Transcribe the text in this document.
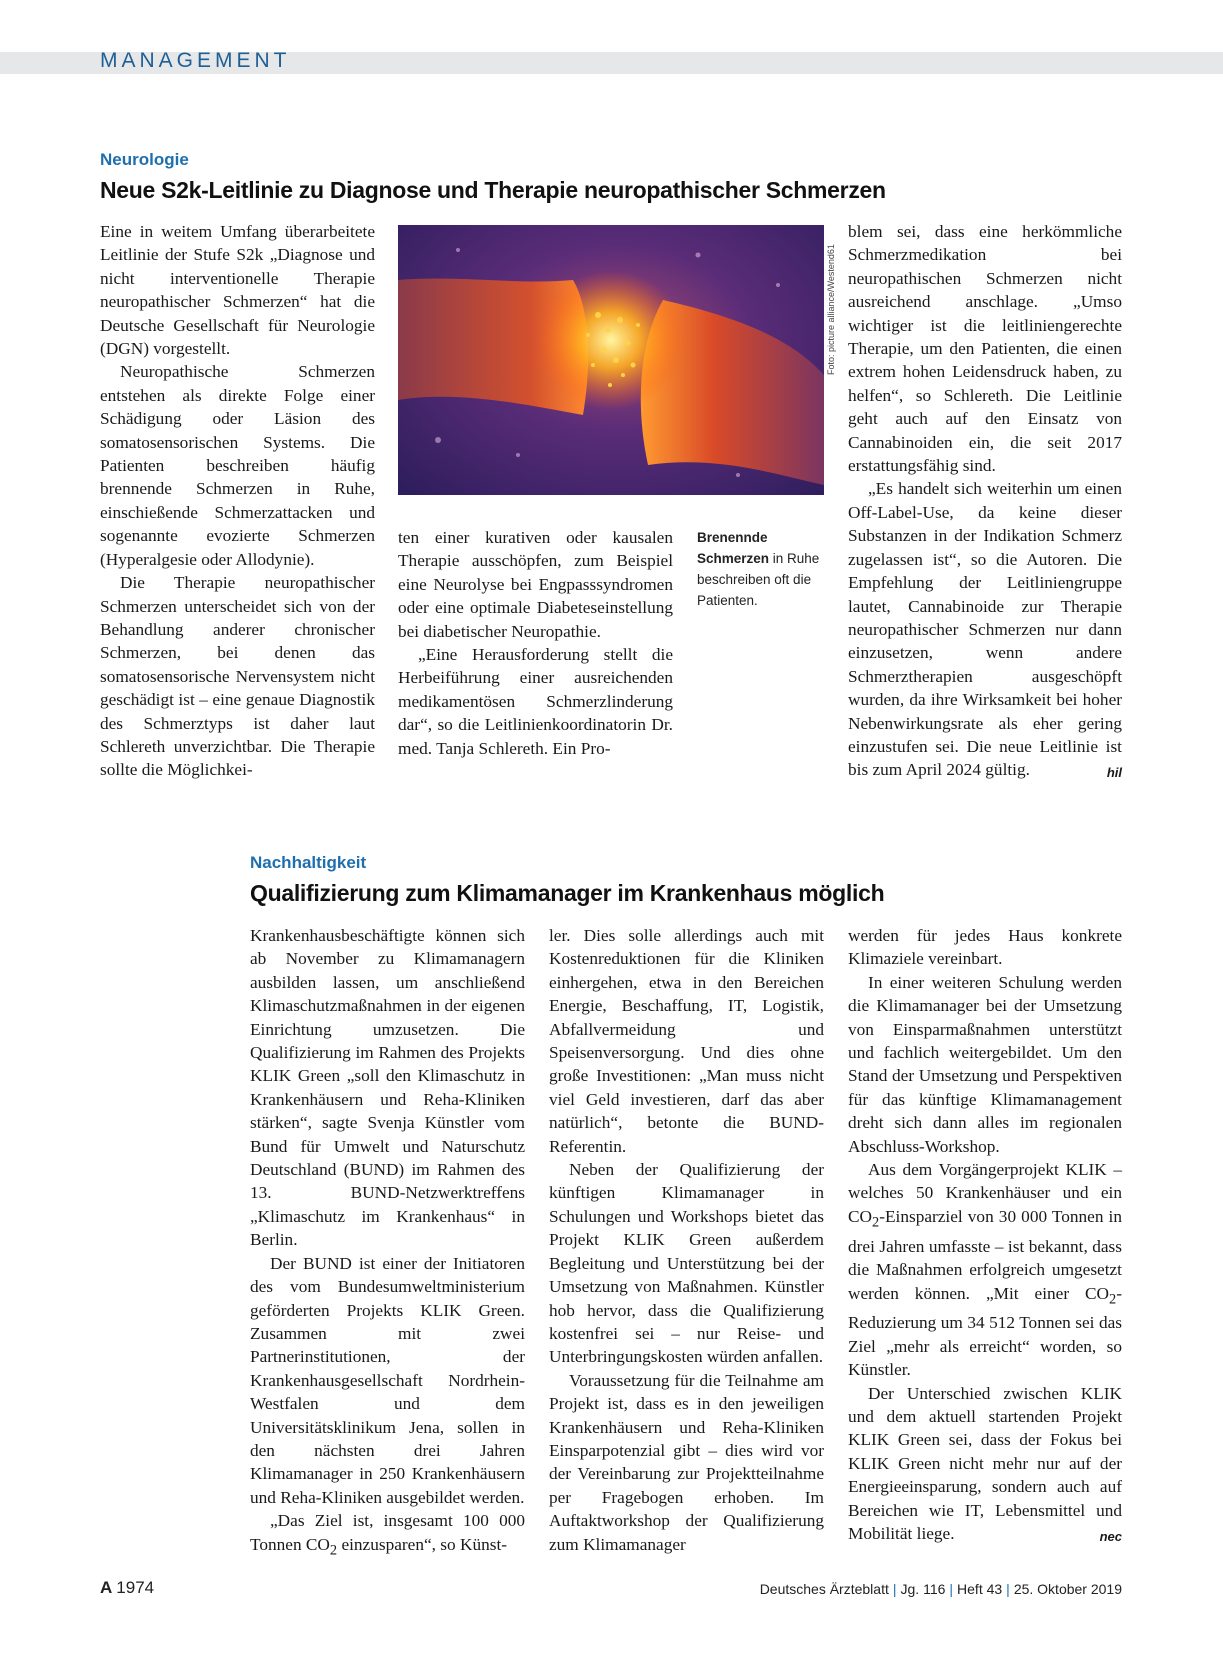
MANAGEMENT
Neurologie
Neue S2k-Leitlinie zu Diagnose und Therapie neuropathischer Schmerzen

Eine in weitem Umfang überarbeitete Leitlinie der Stufe S2k „Diagnose und nicht interventionelle Therapie neuropathischer Schmerzen“ hat die Deutsche Gesellschaft für Neurologie (DGN) vorgestellt.

Neuropathische Schmerzen entstehen als direkte Folge einer Schädigung oder Läsion des somatosensorischen Systems. Die Patienten beschreiben häufig brennende Schmerzen in Ruhe, einschießende Schmerzattacken und sogenannte evozierte Schmerzen (Hyperalgesie oder Allodynie).

Die Therapie neuropathischer Schmerzen unterscheidet sich von der Behandlung anderer chronischer Schmerzen, bei denen das somatosensorische Nervensystem nicht geschädigt ist – eine genaue Diagnostik des Schmerztyps ist daher laut Schlereth unverzichtbar. Die Therapie sollte die Möglichkei-

Foto: picture alliance/Westend61

ten einer kurativen oder kausalen Therapie ausschöpfen, zum Beispiel eine Neurolyse bei Engpasssyndromen oder eine optimale Diabeteseinstellung bei diabetischer Neuropathie.

„Eine Herausforderung stellt die Herbeiführung einer ausreichenden medikamentösen Schmerzlinderung dar“, so die Leitlinienkoordinatorin Dr. med. Tanja Schlereth. Ein Pro-

Brenennde Schmerzen in Ruhe beschreiben oft die Patienten.

blem sei, dass eine herkömmliche Schmerzmedikation bei neuropathischen Schmerzen nicht ausreichend anschlage. „Umso wichtiger ist die leitliniengerechte Therapie, um den Patienten, die einen extrem hohen Leidensdruck haben, zu helfen“, so Schlereth. Die Leitlinie geht auch auf den Einsatz von Cannabinoiden ein, die seit 2017 erstattungsfähig sind.

„Es handelt sich weiterhin um einen Off-Label-Use, da keine dieser Substanzen in der Indikation Schmerz zugelassen ist“, so die Autoren. Die Empfehlung der Leitliniengruppe lautet, Cannabinoide zur Therapie neuropathischer Schmerzen nur dann einzusetzen, wenn andere Schmerztherapien ausgeschöpft wurden, da ihre Wirksamkeit bei hoher Nebenwirkungsrate als eher gering einzustufen sei. Die neue Leitlinie ist bis zum April 2024 gültig.	hil

Nachhaltigkeit
Qualifizierung zum Klimamanager im Krankenhaus möglich

Krankenhausbeschäftigte können sich ab November zu Klimamanagern ausbilden lassen, um anschließend Klimaschutzmaßnahmen in der eigenen Einrichtung umzusetzen. Die Qualifizierung im Rahmen des Projekts KLIK Green „soll den Klimaschutz in Krankenhäusern und Reha-Kliniken stärken“, sagte Svenja Künstler vom Bund für Umwelt und Naturschutz Deutschland (BUND) im Rahmen des 13. BUND-Netzwerktreffens „Klimaschutz im Krankenhaus“ in Berlin.

Der BUND ist einer der Initiatoren des vom Bundesumweltministerium geförderten Projekts KLIK Green. Zusammen mit zwei Partnerinstitutionen, der Krankenhausgesellschaft Nordrhein-Westfalen und dem Universitätsklinikum Jena, sollen in den nächsten drei Jahren Klimamanager in 250 Krankenhäusern und Reha-Kliniken ausgebildet werden.

„Das Ziel ist, insgesamt 100 000 Tonnen $CO_2$ einzusparen“, so Künst-

ler. Dies solle allerdings auch mit Kostenreduktionen für die Kliniken einhergehen, etwa in den Bereichen Energie, Beschaffung, IT, Logistik, Abfallvermeidung und Speisenversorgung. Und dies ohne große Investitionen: „Man muss nicht viel Geld investieren, darf das aber natürlich“, betonte die BUND-Referentin.

Neben der Qualifizierung der künftigen Klimamanager in Schulungen und Workshops bietet das Projekt KLIK Green außerdem Begleitung und Unterstützung bei der Umsetzung von Maßnahmen. Künstler hob hervor, dass die Qualifizierung kostenfrei sei – nur Reise- und Unterbringungskosten würden anfallen.

Voraussetzung für die Teilnahme am Projekt ist, dass es in den jeweiligen Krankenhäusern und Reha-Kliniken Einsparpotenzial gibt – dies wird vor der Vereinbarung zur Projektteilnahme per Fragebogen erhoben. Im Auftaktworkshop der Qualifizierung zum Klimamanager

werden für jedes Haus konkrete Klimaziele vereinbart.

In einer weiteren Schulung werden die Klimamanager bei der Umsetzung von Einsparmaßnahmen unterstützt und fachlich weitergebildet. Um den Stand der Umsetzung und Perspektiven für das künftige Klimamanagement dreht sich dann alles im regionalen Abschluss-Workshop.

Aus dem Vorgängerprojekt KLIK – welches 50 Krankenhäuser und ein $CO_2$-Einsparziel von 30 000 Tonnen in drei Jahren umfasste – ist bekannt, dass die Maßnahmen erfolgreich umgesetzt werden können. „Mit einer $CO_2$-Reduzierung um 34 512 Tonnen sei das Ziel „mehr als erreicht“ worden, so Künstler.

Der Unterschied zwischen KLIK und dem aktuell startenden Projekt KLIK Green sei, dass der Fokus bei KLIK Green nicht mehr nur auf der Energieeinsparung, sondern auch auf Bereichen wie IT, Lebensmittel und Mobilität liege.	nec

A 1974	Deutsches Ärzteblatt | Jg. 116 | Heft 43 | 25. Oktober 2019
